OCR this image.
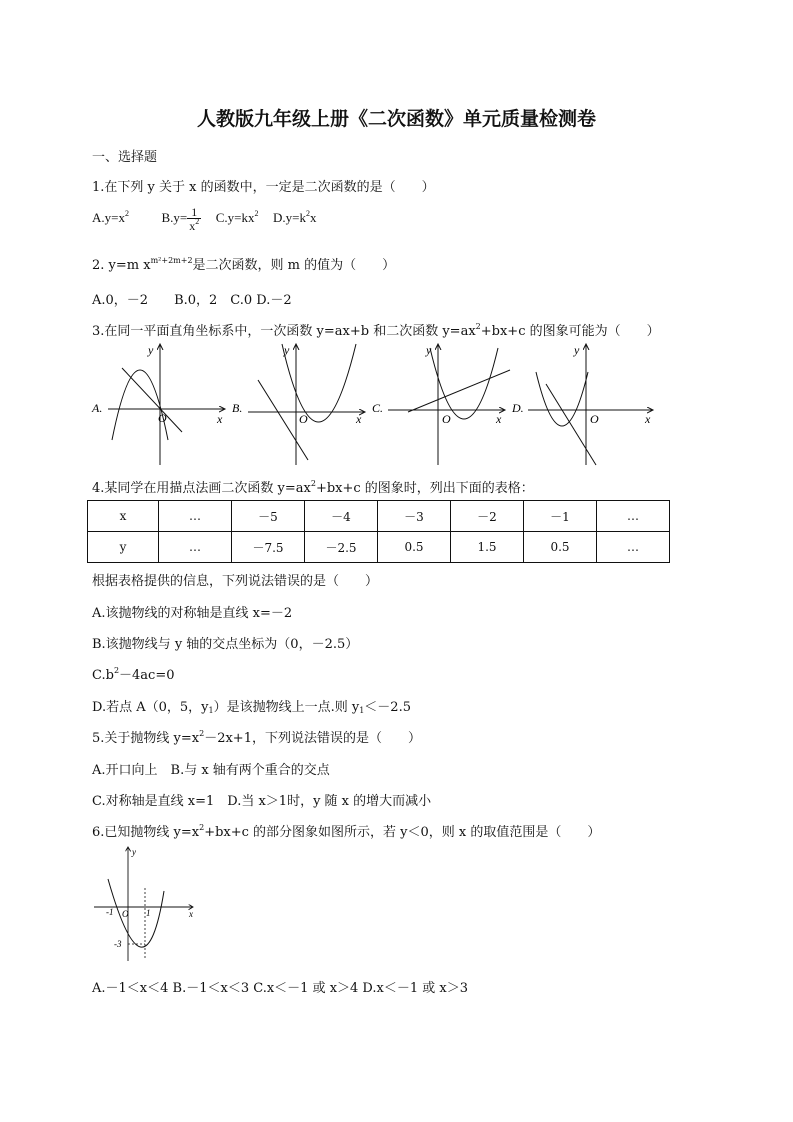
人教版九年级上册《二次函数》单元质量检测卷
一、选择题
1.在下列 y 关于 x 的函数中，一定是二次函数的是（　　）
$A.y=x^2$	$B.y= \frac{1}{x^2} C.y=kx^2$ $D.y=k^2x$
2. y=m $x^{m^2+2m+2}$是二次函数，则 m 的值为（　　）
A.0，－2　　B.0，2　C.0 D.－2
3.在同一平面直角坐标系中，一次函数 y=ax+b 和二次函数 $y=ax^2+bx+c$ 的图象可能为（　　）
A.
y
O	x
B.
y
O	x
C.
y
O	x
D.
y
O	x
4.某同学在用描点法画二次函数 $y=ax^2+bx+c$ 的图象时，列出下面的表格：
x	…	－5	－4	－3	－2	－1	…
y	…	－7.5	－2.5	0.5	1.5	0.5	…
根据表格提供的信息，下列说法错误的是（　　）
A.该抛物线的对称轴是直线 x=－2
B.该抛物线与 y 轴的交点坐标为（0，－2.5）
$C.b^2-4ac=0$
D.若点 A（0，5，$y_1$）是该抛物线上一点.则 $y_1<-2.5$
5.关于抛物线 $y=x^2-2x+1$，下列说法错误的是（　　）
A.开口向上　B.与 x 轴有两个重合的交点
C.对称轴是直线 x=1　D.当 x＞1时，y 随 x 的增大而减小
6.已知抛物线 $y=x^2+bx+c$ 的部分图象如图所示，若 y＜0，则 x 的取值范围是（　　）
y
x
-1 O 1
-3
A.－1＜x＜4 B.－1＜x＜3 C.x＜－1 或 x＞4 D.x＜－1 或 x＞3
